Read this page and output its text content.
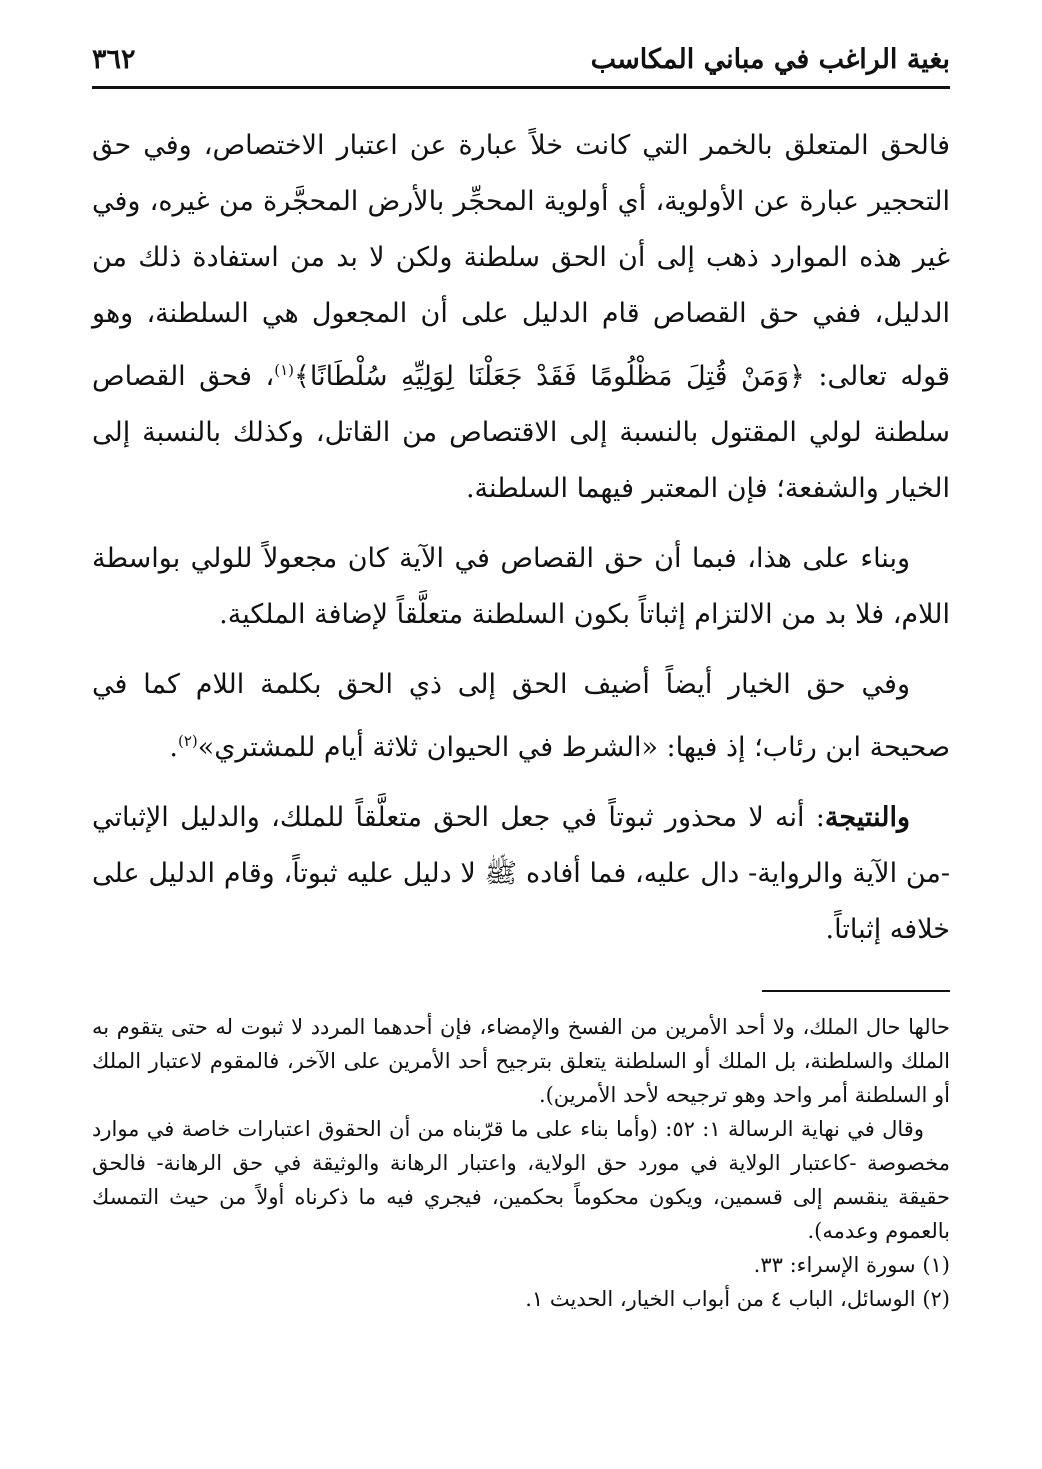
بغية الراغب في مباني المكاسب
٣٦٢

فالحق المتعلق بالخمر التي كانت خلاً عبارة عن اعتبار الاختصاص، وفي حق التحجير عبارة عن الأولوية، أي أولوية المحجِّر بالأرض المحجَّرة من غيره، وفي غير هذه الموارد ذهب إلى أن الحق سلطنة ولكن لا بد من استفادة ذلك من الدليل، ففي حق القصاص قام الدليل على أن المجعول هي السلطنة، وهو قوله تعالى: ﴿وَمَنْ قُتِلَ مَظْلُومًا فَقَدْ جَعَلْنَا لِوَلِيِّهِ سُلْطَانًا﴾$^{(١)}$، فحق القصاص سلطنة لولي المقتول بالنسبة إلى الاقتصاص من القاتل، وكذلك بالنسبة إلى الخيار والشفعة؛ فإن المعتبر فيهما السلطنة.

وبناء على هذا، فبما أن حق القصاص في الآية كان مجعولاً للولي بواسطة اللام، فلا بد من الالتزام إثباتاً بكون السلطنة متعلَّقاً لإضافة الملكية.

وفي حق الخيار أيضاً أضيف الحق إلى ذي الحق بكلمة اللام كما في صحيحة ابن رئاب؛ إذ فيها: «الشرط في الحيوان ثلاثة أيام للمشتري»$^{(٢)}$.

والنتيجة: أنه لا محذور ثبوتاً في جعل الحق متعلَّقاً للملك، والدليل الإثباتي -من الآية والرواية- دال عليه، فما أفاده ﷺ لا دليل عليه ثبوتاً، وقام الدليل على خلافه إثباتاً.

حالها حال الملك، ولا أحد الأمرين من الفسخ والإمضاء، فإن أحدهما المردد لا ثبوت له حتى يتقوم به الملك والسلطنة، بل الملك أو السلطنة يتعلق بترجيح أحد الأمرين على الآخر، فالمقوم لاعتبار الملك أو السلطنة أمر واحد وهو ترجيحه لأحد الأمرين).

وقال في نهاية الرسالة ١: ٥٢: (وأما بناء على ما قرّبناه من أن الحقوق اعتبارات خاصة في موارد مخصوصة -كاعتبار الولاية في مورد حق الولاية، واعتبار الرهانة والوثيقة في حق الرهانة- فالحق حقيقة ينقسم إلى قسمين، ويكون محكوماً بحكمين، فيجري فيه ما ذكرناه أولاً من حيث التمسك بالعموم وعدمه).

(١) سورة الإسراء: ٣٣.

(٢) الوسائل، الباب ٤ من أبواب الخيار، الحديث ١.
